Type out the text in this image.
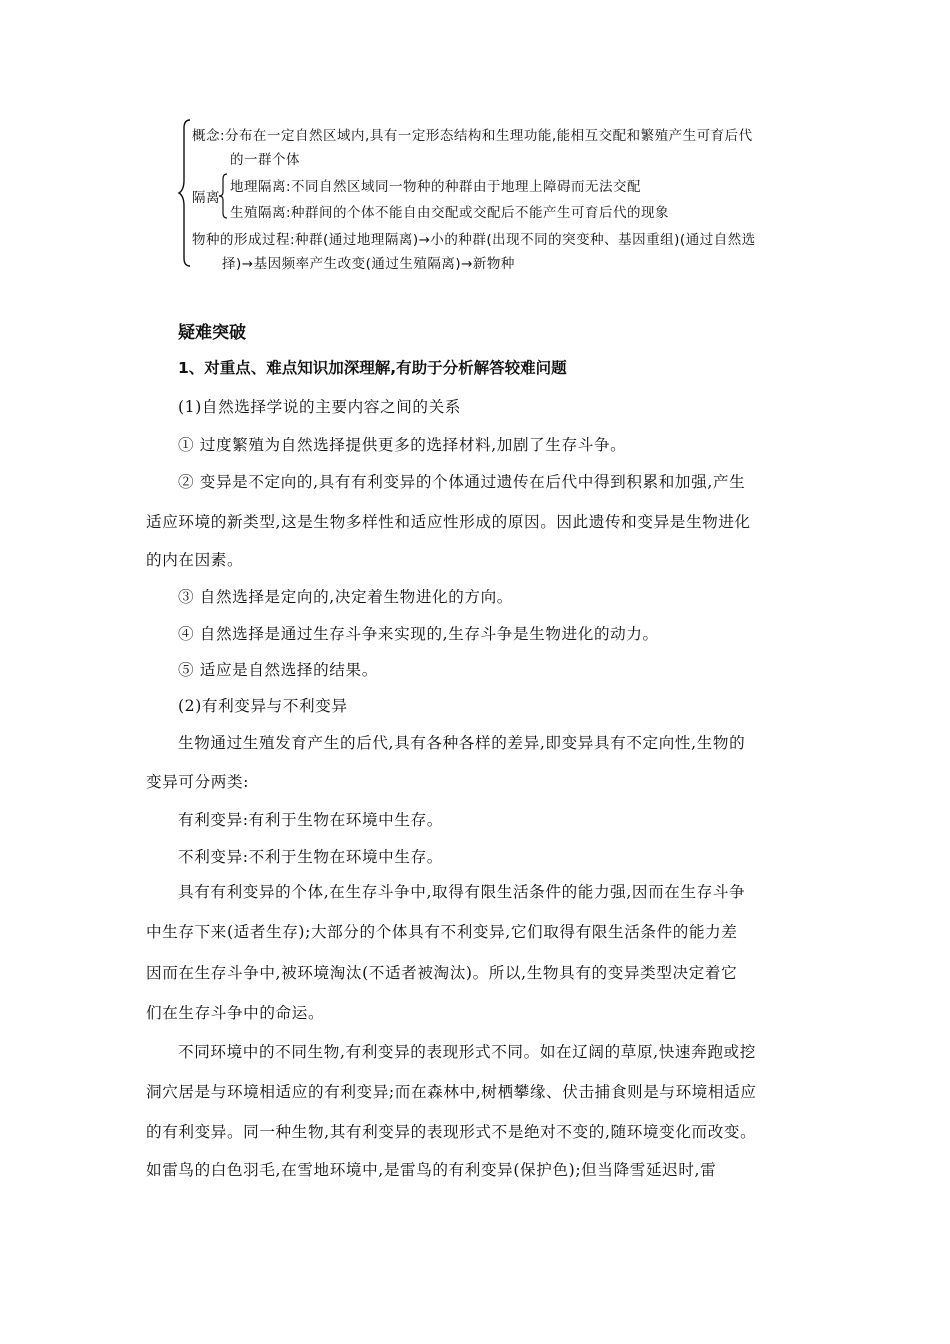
概念:分布在一定自然区域内,具有一定形态结构和生理功能,能相互交配和繁殖产生可育后代
的一群个体
隔离
地理隔离:不同自然区域同一物种的种群由于地理上障碍而无法交配
生殖隔离:种群间的个体不能自由交配或交配后不能产生可育后代的现象
物种的形成过程:种群(通过地理隔离)→小的种群(出现不同的突变种、基因重组)(通过自然选
择)→基因频率产生改变(通过生殖隔离)→新物种
疑难突破
1、对重点、难点知识加深理解,有助于分析解答较难问题
(1)自然选择学说的主要内容之间的关系
① 过度繁殖为自然选择提供更多的选择材料,加剧了生存斗争。
② 变异是不定向的,具有有利变异的个体通过遗传在后代中得到积累和加强,产生
适应环境的新类型,这是生物多样性和适应性形成的原因。因此遗传和变异是生物进化
的内在因素。
③ 自然选择是定向的,决定着生物进化的方向。
④ 自然选择是通过生存斗争来实现的,生存斗争是生物进化的动力。
⑤ 适应是自然选择的结果。
(2)有利变异与不利变异
生物通过生殖发育产生的后代,具有各种各样的差异,即变异具有不定向性,生物的
变异可分两类:
有利变异:有利于生物在环境中生存。
不利变异:不利于生物在环境中生存。
具有有利变异的个体,在生存斗争中,取得有限生活条件的能力强,因而在生存斗争
中生存下来(适者生存);大部分的个体具有不利变异,它们取得有限生活条件的能力差
因而在生存斗争中,被环境淘汰(不适者被淘汰)。所以,生物具有的变异类型决定着它
们在生存斗争中的命运。
不同环境中的不同生物,有利变异的表现形式不同。如在辽阔的草原,快速奔跑或挖
洞穴居是与环境相适应的有利变异;而在森林中,树栖攀缘、伏击捕食则是与环境相适应
的有利变异。同一种生物,其有利变异的表现形式不是绝对不变的,随环境变化而改变。
如雷鸟的白色羽毛,在雪地环境中,是雷鸟的有利变异(保护色);但当降雪延迟时,雷
